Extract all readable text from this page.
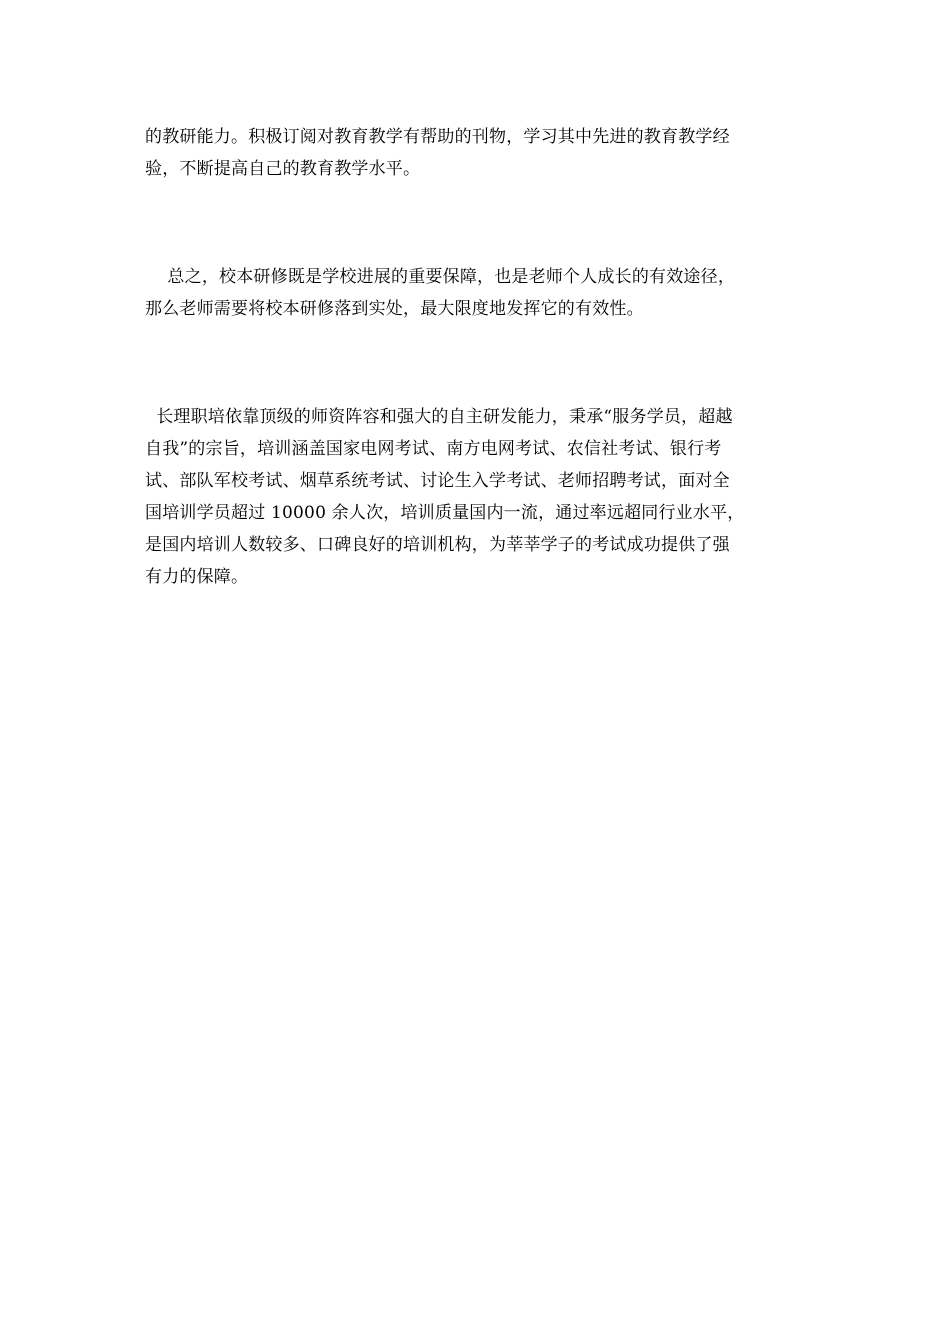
的教研能力。积极订阅对教育教学有帮助的刊物，学习其中先进的教育教学经
验，不断提高自己的教育教学水平。
总之，校本研修既是学校进展的重要保障，也是老师个人成长的有效途径，
那么老师需要将校本研修落到实处，最大限度地发挥它的有效性。
长理职培依靠顶级的师资阵容和强大的自主研发能力，秉承“服务学员，超越
自我”的宗旨，培训涵盖国家电网考试、南方电网考试、农信社考试、银行考
试、部队军校考试、烟草系统考试、讨论生入学考试、老师招聘考试，面对全
国培训学员超过 10000 余人次，培训质量国内一流，通过率远超同行业水平，
是国内培训人数较多、口碑良好的培训机构，为莘莘学子的考试成功提供了强
有力的保障。
